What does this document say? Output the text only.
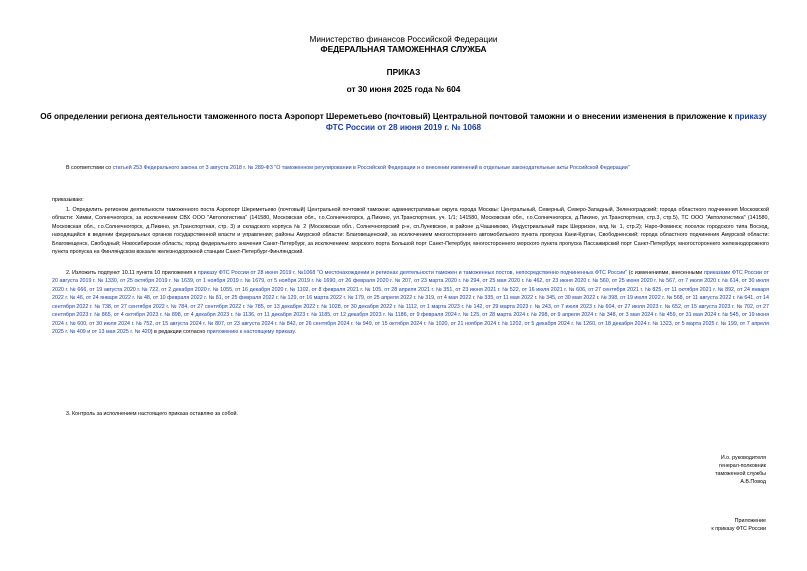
Министерство финансов Российской Федерации
ФЕДЕРАЛЬНАЯ ТАМОЖЕННАЯ СЛУЖБА
ПРИКАЗ
от 30 июня 2025 года № 604
Об определении региона деятельности таможенного поста Аэропорт Шереметьево (почтовый) Центральной почтовой таможни и о внесении изменения в приложение к приказу ФТС России от 28 июня 2019 г. № 1068
В соответствии со статьей 253 Федерального закона от 3 августа 2018 г. № 289-ФЗ "О таможенном регулировании в Российской Федерации и о внесении изменений в отдельные законодательные акты Российской Федерации"
приказываю:
1. Определить регионом деятельности таможенного поста Аэропорт Шереметьево (почтовый) Центральной почтовой таможни: административные округа города Москвы: Центральный, Северный, Северо-Западный, Зеленоградский; города областного подчинения Московской области: Химки, Солнечногорск, за исключением СВХ ООО "Автологистика" (141580, Московская обл., г.о.Солнечногорск, д.Пикино, ул.Транспортная, уч. 1/1; 141580, Московская обл., г.о.Солнечногорск, д.Пикино, ул.Транспортная, стр.3, стр.5), ТС ООО "Автологистика" (141580, Московская обл., г.о.Солнечногорск, д.Пикино, ул.Транспортная, стр. 3) и складского корпуса № 2 (Московская обл., Солнечногорский р-н, сп.Луневское, в районе д.Чашниково, Индустриальный парк Шерризон, влд.№ 1, стр.2); Наро-Фоминск; поселок городского типа Восход, находящийся в ведении федеральных органов государственной власти и управления; районы Амурской области: Благовещенский, за исключением многостороннего автомобильного пункта пропуска Кани-Курган, Свободненский; города областного подчинения Амурской области: Благовещенск, Свободный; Новосибирская область; город федерального значения Санкт-Петербург, за исключением: морского порта Большой порт Санкт-Петербург, многостороннего морского пункта пропуска Пассажирский порт Санкт-Петербург, многостороннего железнодорожного пункта пропуска на Финляндском вокзале железнодорожной станции Санкт-Петербург-Финляндский.
2. Изложить подпункт 10.11 пункта 10 приложения к приказу ФТС России от 28 июня 2019 г. №1068 "О местонахождении и регионах деятельности таможен и таможенных постов, непосредственно подчиненных ФТС России" (с изменениями, внесенными приказами ФТС России от 20 августа 2019 г. № 1330, от 25 октября 2019 г. № 1639, от 1 ноября 2019 г. № 1679, от 5 ноября 2019 г. № 1690, от 26 февраля 2020 г. № 207, от 23 марта 2020 г. № 294, от 25 мая 2020 г. № 462, от 23 июня 2020 г. № 560, от 25 июня 2020 г. № 567, от 7 июля 2020 г. № 614, от 30 июля 2020 г. № 666, от 19 августа 2020 г. № 722, от 2 декабря 2020 г. № 1055, от 16 декабря 2020 г. № 1102, от 8 февраля 2021 г. № 105, от 28 апреля 2021 г. № 351, от 23 июня 2021 г. № 522, от 16 июля 2021 г. № 606, от 27 сентября 2021 г. № 825, от 11 октября 2021 г. № 892, от 24 января 2022 г. № 46, от 24 января 2022 г. № 48, от 10 февраля 2022 г. № 81, от 25 февраля 2022 г. № 129, от 16 марта 2022 г. № 179, от 25 апреля 2022 г. № 319, от 4 мая 2022 г. № 335, от 11 мая 2022 г. № 345, от 30 мая 2022 г. № 398, от 19 июля 2022 г. № 568, от 11 августа 2022 г. № 641, от 14 сентября 2022 г. № 738, от 27 сентября 2022 г. № 784, от 27 сентября 2022 г. № 785, от 13 декабря 2022 г. № 1028, от 30 декабря 2022 г. № 1112, от 1 марта 2023 г. № 142, от 29 марта 2023 г. № 243, от 7 июля 2023 г. № 604, от 27 июля 2023 г. № 652, от 15 августа 2023 г. № 702, от 27 сентября 2023 г. № 865, от 4 октября 2023 г. № 898, от 4 декабря 2023 г. № 1136, от 11 декабря 2023 г. № 1185, от 12 декабря 2023 г. № 1186, от 9 февраля 2024 г. № 125, от 28 марта 2024 г. № 298, от 9 апреля 2024 г. № 348, от 3 мая 2024 г. № 459, от 31 мая 2024 г. № 545, от 19 июня 2024 г. № 600, от 30 июля 2024 г. № 752, от 15 августа 2024 г. № 807, от 23 августа 2024 г. № 842, от 26 сентября 2024 г. № 949, от 15 октября 2024 г. № 1020, от 21 ноября 2024 г. № 1202, от 5 декабря 2024 г. № 1260, от 18 декабря 2024 г. № 1323, от 5 марта 2025 г. № 199, от 7 апреля 2025 г. № 409 и от 13 мая 2025 г. № 420) в редакции согласно приложению к настоящему приказу.
3. Контроль за исполнением настоящего приказа оставляю за собой.
И.о. руководителя
генерал-полковник
таможенной службы
А.В.Повод
Приложение
к приказу ФТС России
